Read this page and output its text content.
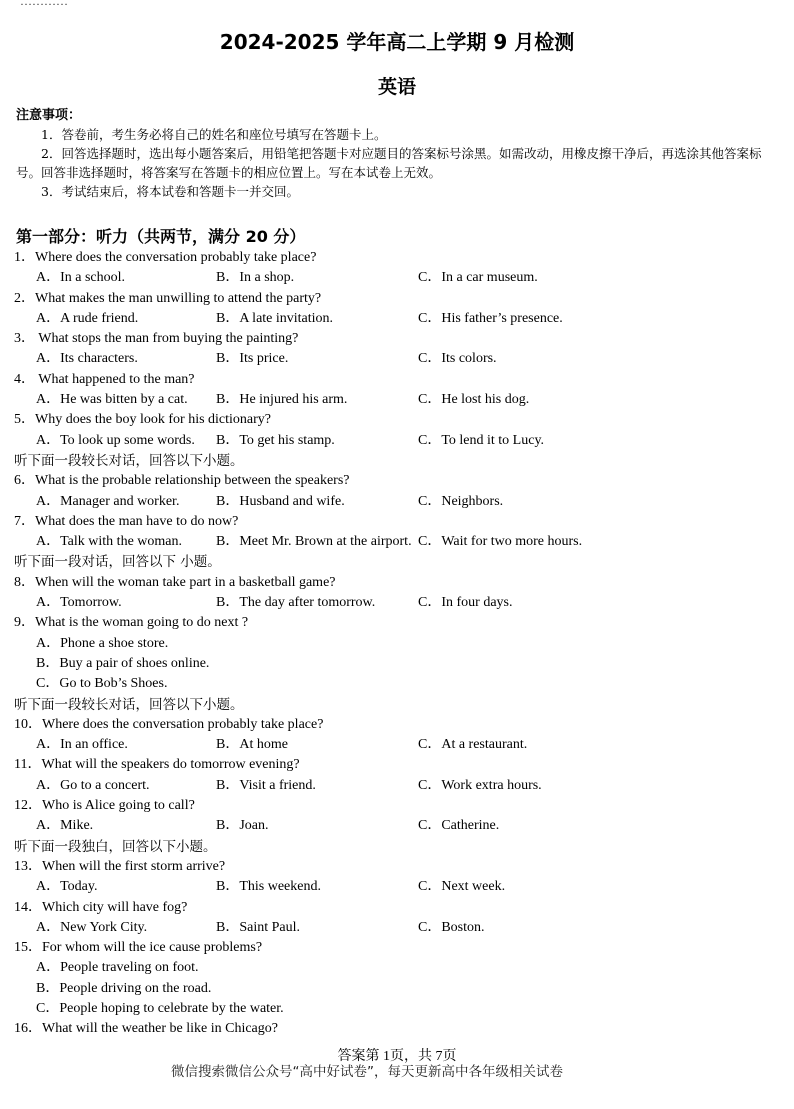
…………
2024-2025 学年高二上学期 9 月检测
英语
注意事项：

1．答卷前，考生务必将自己的姓名和座位号填写在答题卡上。

2．回答选择题时，选出每小题答案后，用铅笔把答题卡对应题目的答案标号涂黑。如需改动，用橡皮擦干净后，再选涂其他答案标号。回答非选择题时，将答案写在答题卡的相应位置上。写在本试卷上无效。

3．考试结束后，将本试卷和答题卡一并交回。

第一部分：听力（共两节，满分 20 分）
1．Where does the conversation probably take place?
A．In a school.	B．In a shop.	C．In a car museum.
2．What makes the man unwilling to attend the party?
A．A rude friend.	B．A late invitation.	C．His father’s presence.
3． What stops the man from buying the painting?
A．Its characters.	B．Its price.	C．Its colors.
4． What happened to the man?
A．He was bitten by a cat. B．He injured his arm.	C．He lost his dog.
5．Why does the boy look for his dictionary?
A．To look up some words. B．To get his stamp.	C．To lend it to Lucy.
听下面一段较长对话，回答以下小题。
6．What is the probable relationship between the speakers?
A．Manager and worker.	B．Husband and wife.	C．Neighbors.
7．What does the man have to do now?
A．Talk with the woman. B．Meet Mr. Brown at the airport. C．Wait for two more hours.
听下面一段对话，回答以下 小题。
8．When will the woman take part in a basketball game?
A．Tomorrow.	B．The day after tomorrow.	C．In four days.
9．What is the woman going to do next ?
A．Phone a shoe store.
B．Buy a pair of shoes online.
C．Go to Bob’s Shoes.
听下面一段较长对话，回答以下小题。
10．Where does the conversation probably take place?
A．In an office.	B．At home	C．At a restaurant.
11．What will the speakers do tomorrow evening?
A．Go to a concert.	B．Visit a friend.	C．Work extra hours.
12．Who is Alice going to call?
A．Mike.	B．Joan.	C．Catherine.
听下面一段独白，回答以下小题。
13．When will the first storm arrive?
A．Today.	B．This weekend.	C．Next week.
14．Which city will have fog?
A．New York City.	B．Saint Paul.	C．Boston.
15．For whom will the ice cause problems?
A．People traveling on foot.
B．People driving on the road.
C．People hoping to celebrate by the water.
16．What will the weather be like in Chicago?
答案第 1页，共 7页
微信搜索微信公众号“高中好试卷”，每天更新高中各年级相关试卷
